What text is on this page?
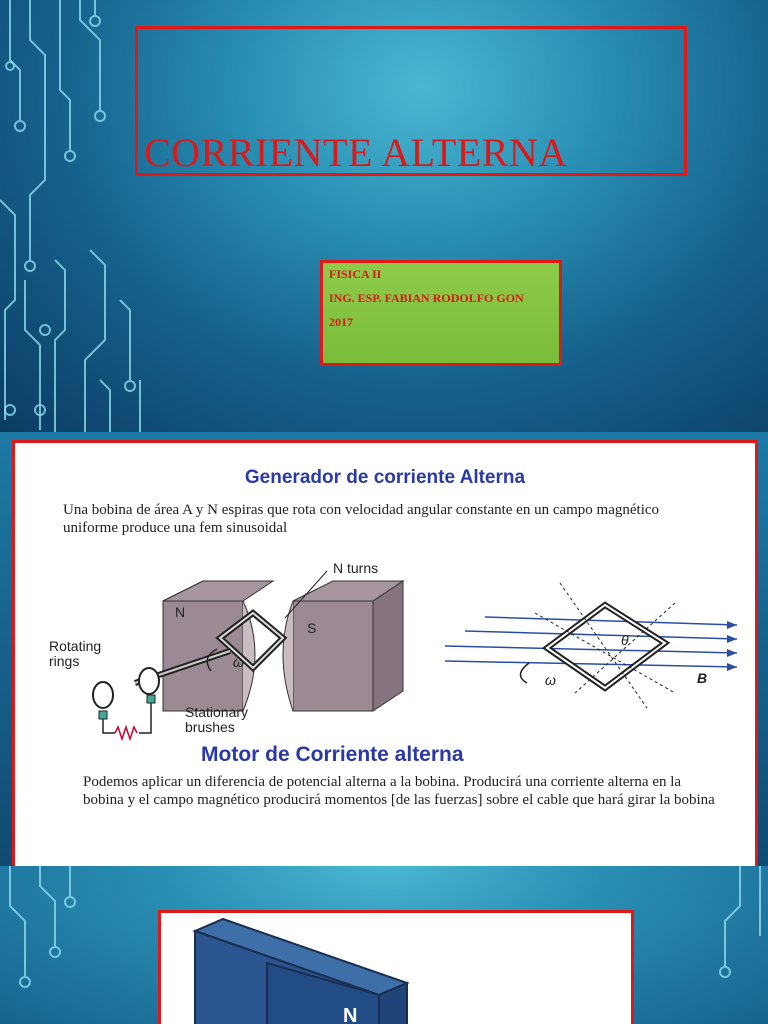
CORRIENTE ALTERNA
FISICA II
ING. ESP. FABIAN RODOLFO GON
2017
Generador de corriente Alterna
Una bobina de área A y N espiras que rota con velocidad angular constante en un campo magnético uniforme produce una fem sinusoidal
N turns
Rotating rings
Stationary brushes
N
S
ω
ω
θ
B
Motor de Corriente alterna
Podemos aplicar un diferencia de potencial alterna a la bobina. Producirá una corriente alterna en la bobina y el campo magnético producirá momentos [de las fuerzas] sobre el cable que hará girar la bobina
N
